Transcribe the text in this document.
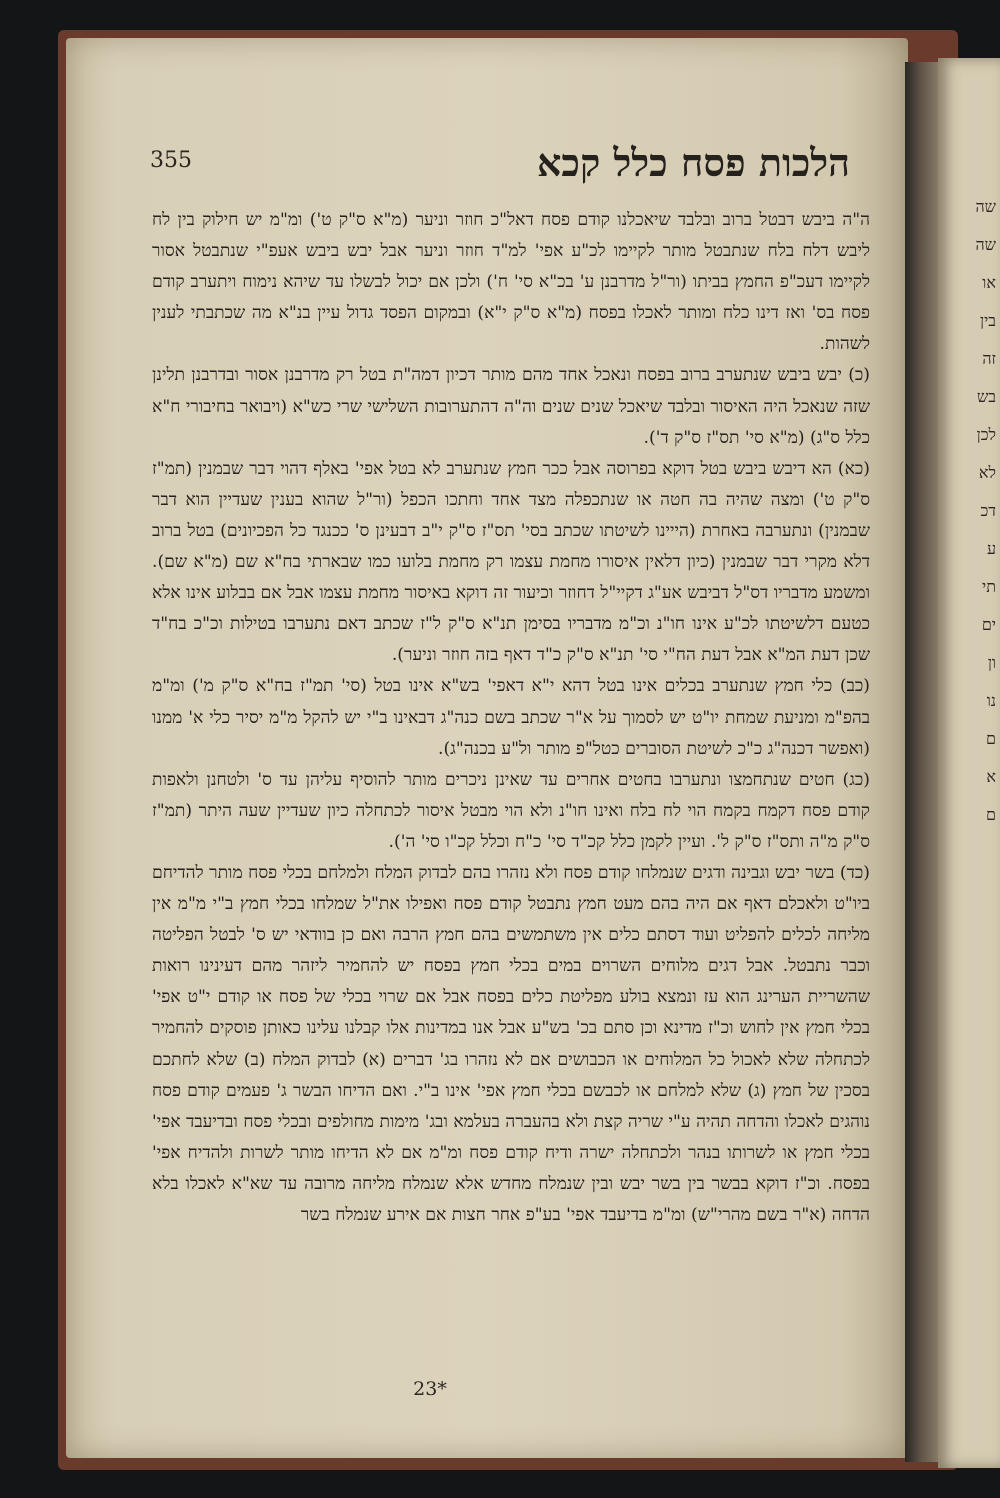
שה
שה
או
בין
זה
בש
לכן
לא
דכ
ע
תי
ים
ון
נו
ם
א
ם
355	הלכות פסח כלל קכא

ה"ה ביבש דבטל ברוב ובלבד שיאכלנו קודם פסח דאל"כ חוזר וניער (מ"א ס"ק ט') ומ"מ יש חילוק בין לח ליבש דלח בלח שנתבטל מותר לקיימו לכ"ע אפי' למ"ד חוזר וניער אבל יבש ביבש אעפ"י שנתבטל אסור לקיימו דעכ"פ החמץ בביתו (ור"ל מדרבנן ע' בכ"א סי' ח') ולכן אם יכול לבשלו עד שיהא נימוח ויתערב קודם פסח בס' ואז דינו כלח ומותר לאכלו בפסח (מ"א ס"ק י"א) ובמקום הפסד גדול עיין בנ"א מה שכתבתי לענין לשהות.

(כ) יבש ביבש שנתערב ברוב בפסח ונאכל אחד מהם מותר דכיון דמה"ת בטל רק מדרבנן אסור ובדרבנן תלינן שזה שנאכל היה האיסור ובלבד שיאכל שנים שנים וה"ה דהתערובות השלישי שרי כש"א (ויבואר בחיבורי ח"א כלל ס"ג) (מ"א סי' תס"ז ס"ק ד').

(כא) הא דיבש ביבש בטל דוקא בפרוסה אבל ככר חמץ שנתערב לא בטל אפי' באלף דהוי דבר שבמנין (תמ"ז ס"ק ט') ומצה שהיה בה חטה או שנתכפלה מצד אחד וחתכו הכפל (ור"ל שהוא בענין שעדיין הוא דבר שבמנין) ונתערבה באחרת (הייינו לשיטתו שכתב בסי' תס"ז ס"ק י"ב דבעינן ס' ככנגד כל הפכיונים) בטל ברוב דלא מקרי דבר שבמנין (כיון דלאין איסורו מחמת עצמו רק מחמת בלועו כמו שבארתי בח"א שם (מ"א שם). ומשמע מדבריו דס"ל דביבש אע"ג דקיי"ל דחוזר וכיעור זה דוקא באיסור מחמת עצמו אבל אם בבלוע אינו אלא כטעם דלשיטתו לכ"ע אינו חו"נ וכ"מ מדבריו בסימן תנ"א ס"ק ל"ז שכתב דאם נתערבו בטילות וכ"כ בח"ד שכן דעת המ"א אבל דעת הח"י סי' תנ"א ס"ק כ"ד דאף בזה חוזר וניער).

(כב) כלי חמץ שנתערב בכלים אינו בטל דהא י"א דאפי' בש"א אינו בטל (סי' תמ"ז בח"א ס"ק מ') ומ"מ בהפ"מ ומניעת שמחת יו"ט יש לסמוך על א"ר שכתב בשם כנה"ג דבאינו ב"י יש להקל מ"מ יסיר כלי א' ממנו (ואפשר דכנה"ג כ"כ לשיטת הסוברים כטל"פ מותר ול"ע בכנה"ג).

(כג) חטים שנתחמצו ונתערבו בחטים אחרים עד שאינן ניכרים מותר להוסיף עליהן עד ס' ולטחנן ולאפות קודם פסח דקמח בקמח הוי לח בלח ואינו חו"נ ולא הוי מבטל איסור לכתחלה כיון שעדיין שעה היתר (תמ"ז ס"ק מ"ה ותס"ז ס"ק ל'. ועיין לקמן כלל קכ"ד סי' כ"ח וכלל קכ"ו סי' ה').

(כד) בשר יבש וגבינה ודגים שנמלחו קודם פסח ולא נזהרו בהם לבדוק המלח ולמלחם בכלי פסח מותר להדיחם ביו"ט ולאכלם דאף אם היה בהם מעט חמץ נתבטל קודם פסח ואפילו את"ל שמלחו בכלי חמץ ב"י מ"מ אין מליחה לכלים להפליט ועוד דסתם כלים אין משתמשים בהם חמץ הרבה ואם כן בוודאי יש ס' לבטל הפליטה וכבר נתבטל. אבל דגים מלוחים השרוים במים בכלי חמץ בפסח יש להחמיר ליזהר מהם דעינינו רואות שהשריית הערינג הוא עז ונמצא בולע מפליטת כלים בפסח אבל אם שרוי בכלי של פסח או קודם י"ט אפי' בכלי חמץ אין לחוש וכ"ז מדינא וכן סתם בכ' בש"ע אבל אנו במדינות אלו קבלנו עלינו כאותן פוסקים להחמיר לכתחלה שלא לאכול כל המלוחים או הכבושים אם לא נזהרו בג' דברים (א) לבדוק המלח (ב) שלא לחתכם בסכין של חמץ (ג) שלא למלחם או לכבשם בכלי חמץ אפי' אינו ב"י. ואם הדיחו הבשר ג' פעמים קודם פסח נוהגים לאכלו והדחה תהיה ע"י שריה קצת ולא בהעברה בעלמא ובג' מימות מחולפים ובכלי פסח ובדיעבד אפי' בכלי חמץ או לשרותו בנהר ולכתחלה ישרה ודיח קודם פסח ומ"מ אם לא הדיחו מותר לשרות ולהדיח אפי' בפסח. וכ"ז דוקא בבשר בין בשר יבש ובין שנמלח מחדש אלא שנמלח מליחה מרובה עד שא"א לאכלו בלא הדחה (א"ר בשם מהרי"ש) ומ"מ בדיעבד אפי' בע"פ אחר חצות אם אירע שנמלח בשר

23*
